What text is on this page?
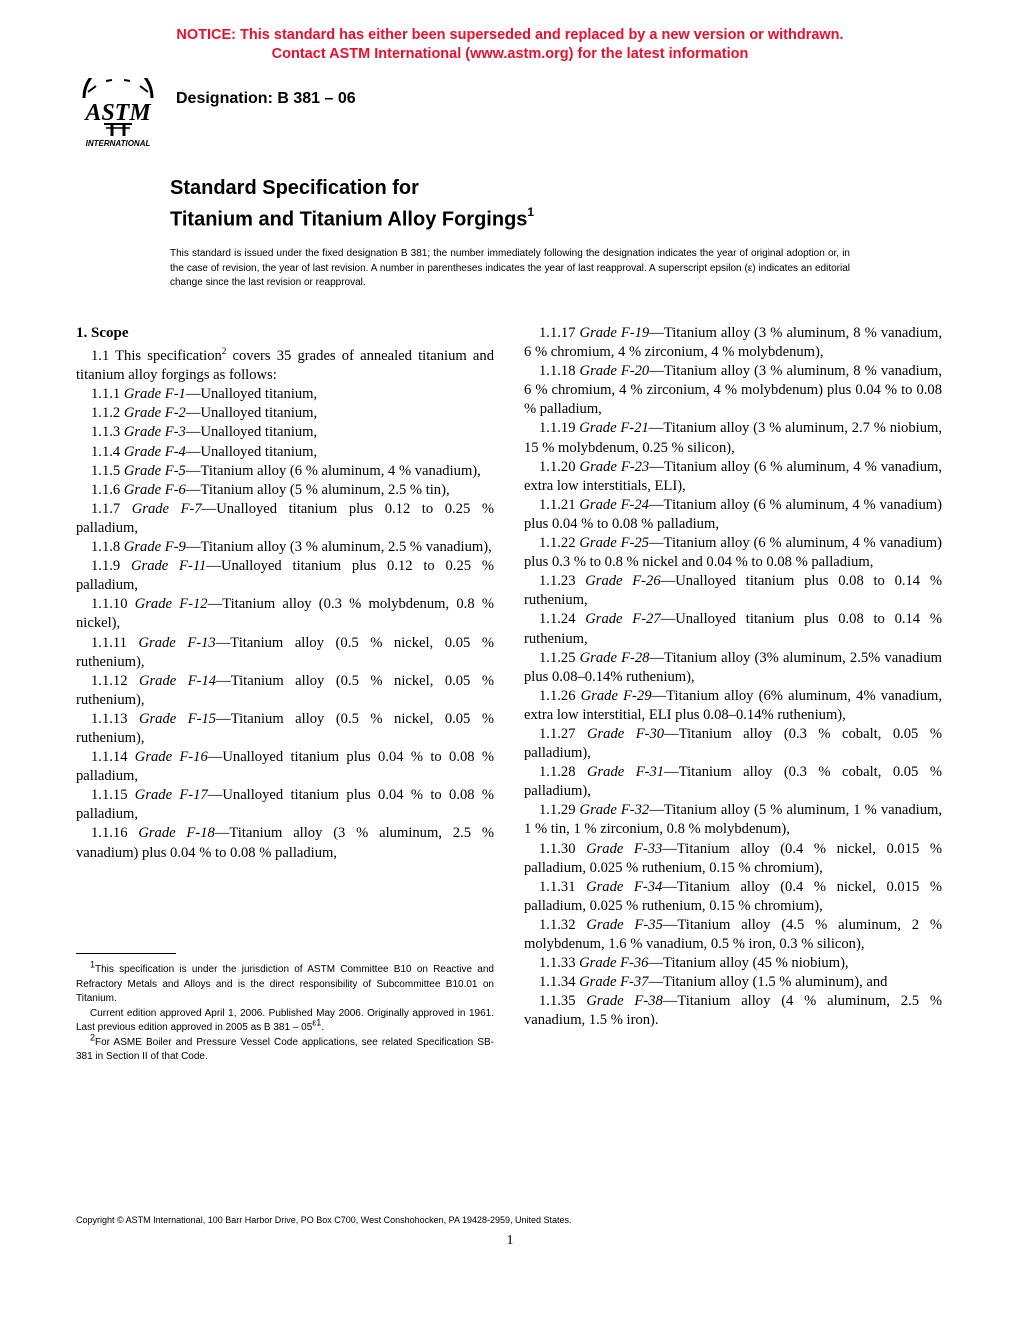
NOTICE: This standard has either been superseded and replaced by a new version or withdrawn.
Contact ASTM International (www.astm.org) for the latest information
ASTM
INTERNATIONAL
Designation: B 381 – 06
Standard Specification for
Titanium and Titanium Alloy Forgings$^1$
This standard is issued under the fixed designation B 381; the number immediately following the designation indicates the year of original adoption or, in the case of revision, the year of last revision. A number in parentheses indicates the year of last reapproval. A superscript epsilon (ε) indicates an editorial change since the last revision or reapproval.
1. Scope

1.1 This specification$^2$ covers 35 grades of annealed titanium and titanium alloy forgings as follows:

1.1.1 Grade F-1—Unalloyed titanium,

1.1.2 Grade F-2—Unalloyed titanium,

1.1.3 Grade F-3—Unalloyed titanium,

1.1.4 Grade F-4—Unalloyed titanium,

1.1.5 Grade F-5—Titanium alloy (6 % aluminum, 4 % vanadium),

1.1.6 Grade F-6—Titanium alloy (5 % aluminum, 2.5 % tin),

1.1.7 Grade F-7—Unalloyed titanium plus 0.12 to 0.25 % palladium,

1.1.8 Grade F-9—Titanium alloy (3 % aluminum, 2.5 % vanadium),

1.1.9 Grade F-11—Unalloyed titanium plus 0.12 to 0.25 % palladium,

1.1.10 Grade F-12—Titanium alloy (0.3 % molybdenum, 0.8 % nickel),

1.1.11 Grade F-13—Titanium alloy (0.5 % nickel, 0.05 % ruthenium),

1.1.12 Grade F-14—Titanium alloy (0.5 % nickel, 0.05 % ruthenium),

1.1.13 Grade F-15—Titanium alloy (0.5 % nickel, 0.05 % ruthenium),

1.1.14 Grade F-16—Unalloyed titanium plus 0.04 % to 0.08 % palladium,

1.1.15 Grade F-17—Unalloyed titanium plus 0.04 % to 0.08 % palladium,

1.1.16 Grade F-18—Titanium alloy (3 % aluminum, 2.5 % vanadium) plus 0.04 % to 0.08 % palladium,

1.1.17 Grade F-19—Titanium alloy (3 % aluminum, 8 % vanadium, 6 % chromium, 4 % zirconium, 4 % molybdenum),

1.1.18 Grade F-20—Titanium alloy (3 % aluminum, 8 % vanadium, 6 % chromium, 4 % zirconium, 4 % molybdenum) plus 0.04 % to 0.08 % palladium,

1.1.19 Grade F-21—Titanium alloy (3 % aluminum, 2.7 % niobium, 15 % molybdenum, 0.25 % silicon),

1.1.20 Grade F-23—Titanium alloy (6 % aluminum, 4 % vanadium, extra low interstitials, ELI),

1.1.21 Grade F-24—Titanium alloy (6 % aluminum, 4 % vanadium) plus 0.04 % to 0.08 % palladium,

1.1.22 Grade F-25—Titanium alloy (6 % aluminum, 4 % vanadium) plus 0.3 % to 0.8 % nickel and 0.04 % to 0.08 % palladium,

1.1.23 Grade F-26—Unalloyed titanium plus 0.08 to 0.14 % ruthenium,

1.1.24 Grade F-27—Unalloyed titanium plus 0.08 to 0.14 % ruthenium,

1.1.25 Grade F-28—Titanium alloy (3% aluminum, 2.5% vanadium plus 0.08–0.14% ruthenium),

1.1.26 Grade F-29—Titanium alloy (6% aluminum, 4% vanadium, extra low interstitial, ELI plus 0.08–0.14% ruthenium),

1.1.27 Grade F-30—Titanium alloy (0.3 % cobalt, 0.05 % palladium),

1.1.28 Grade F-31—Titanium alloy (0.3 % cobalt, 0.05 % palladium),

1.1.29 Grade F-32—Titanium alloy (5 % aluminum, 1 % vanadium, 1 % tin, 1 % zirconium, 0.8 % molybdenum),

1.1.30 Grade F-33—Titanium alloy (0.4 % nickel, 0.015 % palladium, 0.025 % ruthenium, 0.15 % chromium),

1.1.31 Grade F-34—Titanium alloy (0.4 % nickel, 0.015 % palladium, 0.025 % ruthenium, 0.15 % chromium),

1.1.32 Grade F-35—Titanium alloy (4.5 % aluminum, 2 % molybdenum, 1.6 % vanadium, 0.5 % iron, 0.3 % silicon),

1.1.33 Grade F-36—Titanium alloy (45 % niobium),

1.1.34 Grade F-37—Titanium alloy (1.5 % aluminum), and

1.1.35 Grade F-38—Titanium alloy (4 % aluminum, 2.5 % vanadium, 1.5 % iron).

$^1$This specification is under the jurisdiction of ASTM Committee B10 on Reactive and Refractory Metals and Alloys and is the direct responsibility of Subcommittee B10.01 on Titanium.

Current edition approved April 1, 2006. Published May 2006. Originally approved in 1961. Last previous edition approved in 2005 as B $381 - 05^{\varepsilon 1}$.

$^2$For ASME Boiler and Pressure Vessel Code applications, see related Specification SB-381 in Section II of that Code.

Copyright © ASTM International, 100 Barr Harbor Drive, PO Box C700, West Conshohocken, PA 19428-2959, United States.
1
